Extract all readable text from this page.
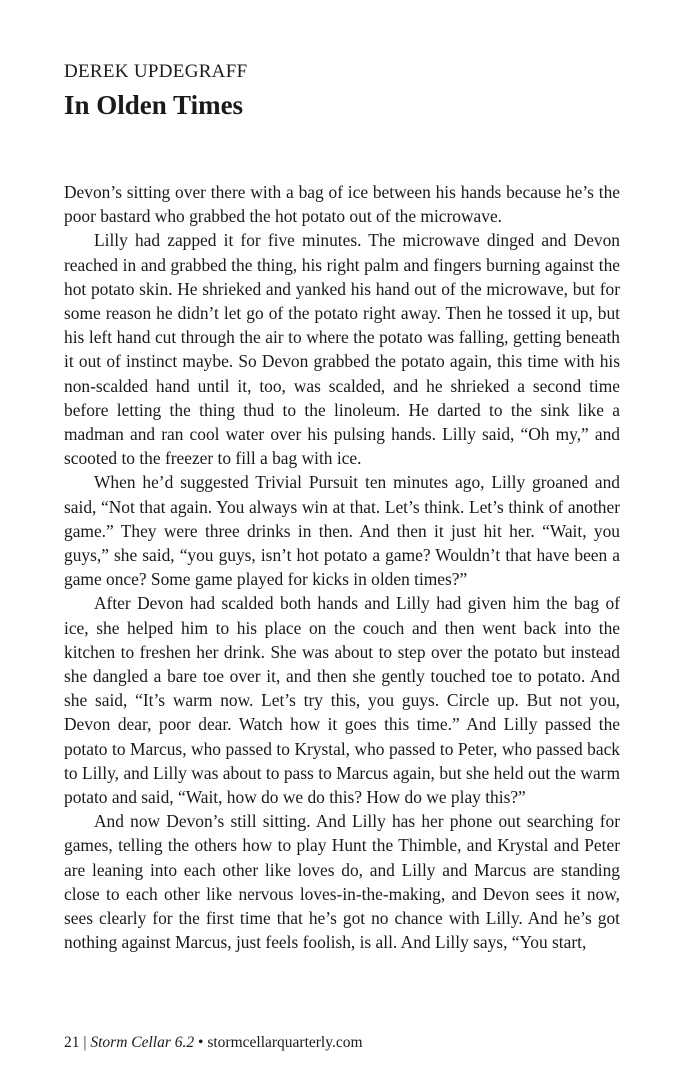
DEREK UPDEGRAFF
In Olden Times

Devon’s sitting over there with a bag of ice between his hands because he’s the poor bastard who grabbed the hot potato out of the microwave.

Lilly had zapped it for five minutes. The microwave dinged and Devon reached in and grabbed the thing, his right palm and fingers burning against the hot potato skin. He shrieked and yanked his hand out of the microwave, but for some reason he didn’t let go of the potato right away. Then he tossed it up, but his left hand cut through the air to where the potato was falling, getting beneath it out of instinct maybe. So Devon grabbed the potato again, this time with his non-scalded hand until it, too, was scalded, and he shrieked a second time before letting the thing thud to the linoleum. He darted to the sink like a madman and ran cool water over his pulsing hands. Lilly said, “Oh my,” and scooted to the freezer to fill a bag with ice.

When he’d suggested Trivial Pursuit ten minutes ago, Lilly groaned and said, “Not that again. You always win at that. Let’s think. Let’s think of another game.” They were three drinks in then. And then it just hit her. “Wait, you guys,” she said, “you guys, isn’t hot potato a game? Wouldn’t that have been a game once? Some game played for kicks in olden times?”

After Devon had scalded both hands and Lilly had given him the bag of ice, she helped him to his place on the couch and then went back into the kitchen to freshen her drink. She was about to step over the potato but instead she dangled a bare toe over it, and then she gently touched toe to potato. And she said, “It’s warm now. Let’s try this, you guys. Circle up. But not you, Devon dear, poor dear. Watch how it goes this time.” And Lilly passed the potato to Marcus, who passed to Krystal, who passed to Peter, who passed back to Lilly, and Lilly was about to pass to Marcus again, but she held out the warm potato and said, “Wait, how do we do this? How do we play this?”

And now Devon’s still sitting. And Lilly has her phone out searching for games, telling the others how to play Hunt the Thimble, and Krystal and Peter are leaning into each other like loves do, and Lilly and Marcus are standing close to each other like nervous loves-in-the-making, and Devon sees it now, sees clearly for the first time that he’s got no chance with Lilly. And he’s got nothing against Marcus, just feels foolish, is all. And Lilly says, “You start,

21 | Storm Cellar 6.2 • stormcellarquarterly.com
